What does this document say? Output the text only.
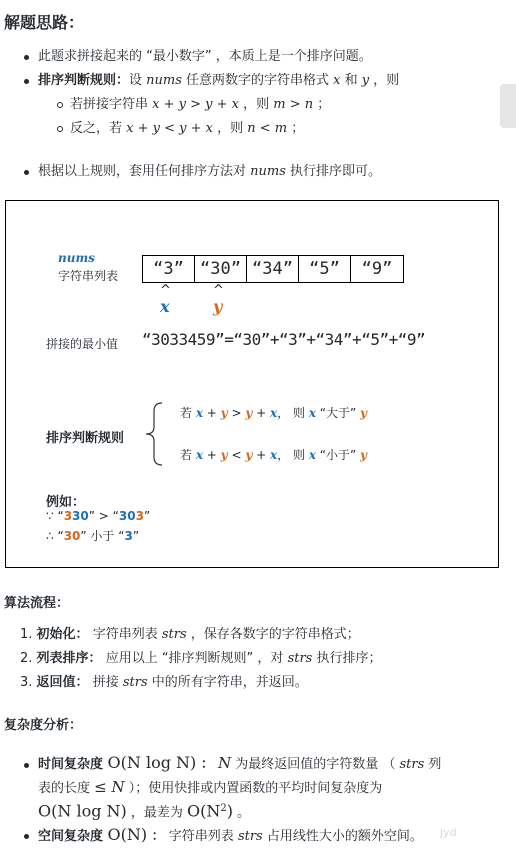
解题思路：
此题求拼接起来的 “最小数字” ，本质上是一个排序问题。
排序判断规则：设 nums 任意两数字的字符串格式 x 和 y ，则
若拼接字符串 x + y > y + x ，则 m > n ；
反之，若 x + y < y + x ，则 n < m ；
根据以上规则，套用任何排序方法对 nums 执行排序即可。
nums
字符串列表	“3” “30” “34” “5”	“9”
^
x
^
y
拼接的最小值 “3033459”=“30”+“3”+“34”+“5”+“9”
排序判断规则
若 x + y > y + x， 则 x “大于” y
若 x + y < y + x， 则 x “小于” y
例如：
∵ “330” > “303”
∴ “30” 小于 “3”
算法流程：
1. 初始化： 字符串列表 strs ，保存各数字的字符串格式；
2. 列表排序： 应用以上 “排序判断规则” ，对 strs 执行排序；
3. 返回值： 拼接 strs 中的所有字符串，并返回。
复杂度分析：
时间复杂度 O(N log N) ： N 为最终返回值的字符数量 （ strs 列
表的长度 ≤ N ）；使用快排或内置函数的平均时间复杂度为
O(N log N) ，最差为 $O(N^2)$ 。
空间复杂度 O(N) ： 字符串列表 strs 占用线性大小的额外空间。 jyd
